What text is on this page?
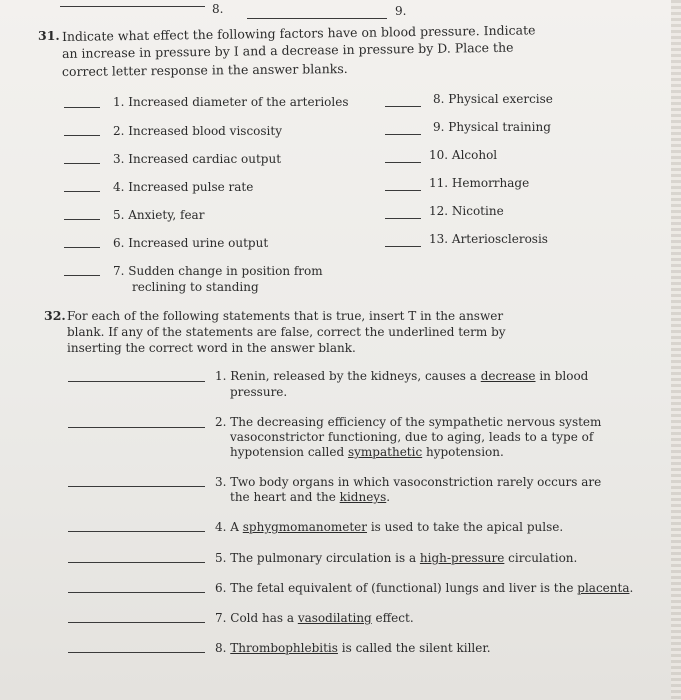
8.	9.
31. Indicate what effect the following factors have on blood pressure. Indicate
an increase in pressure by I and a decrease in pressure by D. Place the
correct letter response in the answer blanks.
1. Increased diameter of the arterioles
2. Increased blood viscosity
3. Increased cardiac output
4. Increased pulse rate
5. Anxiety, fear
6. Increased urine output
7. Sudden change in position from
reclining to standing
8. Physical exercise
9. Physical training
10. Alcohol
11. Hemorrhage
12. Nicotine
13. Arteriosclerosis
32. For each of the following statements that is true, insert T in the answer
blank. If any of the statements are false, correct the underlined term by
inserting the correct word in the answer blank.
1. Renin, released by the kidneys, causes a decrease in blood
pressure.
2. The decreasing efficiency of the sympathetic nervous system
vasoconstrictor functioning, due to aging, leads to a type of
hypotension called sympathetic hypotension.
3. Two body organs in which vasoconstriction rarely occurs are
the heart and the kidneys.
4. A sphygmomanometer is used to take the apical pulse.
5. The pulmonary circulation is a high-pressure circulation.
6. The fetal equivalent of (functional) lungs and liver is the placenta.
7. Cold has a vasodilating effect.
8. Thrombophlebitis is called the silent killer.
